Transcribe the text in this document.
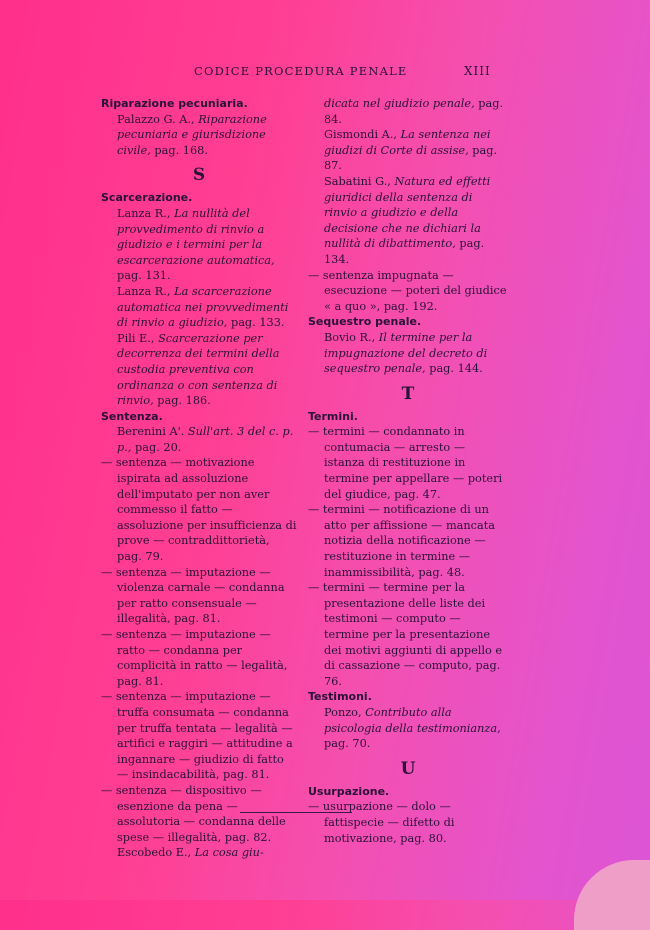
CODICE PROCEDURA PENALE	XIII
Riparazione pecuniaria.
Palazzo G. A., Riparazione pecuniaria e giurisdizione civile, pag. 168.
S
Scarcerazione.
Lanza R., La nullità del provvedimento di rinvio a giudizio e i termini per la escarcerazione automatica, pag. 131.
Lanza R., La scarcerazione automatica nei provvedimenti di rinvio a giudizio, pag. 133.
Pili E., Scarcerazione per decorrenza dei termini della custodia preventiva con ordinanza o con sentenza di rinvio, pag. 186.
Sentenza.
Berenini A'. Sull'art. 3 del c. p. p., pag. 20.
— sentenza — motivazione ispirata ad assoluzione dell'imputato per non aver commesso il fatto — assoluzione per insufficienza di prove — contraddittorietà, pag. 79.
— sentenza — imputazione — violenza carnale — condanna per ratto consensuale — illegalità, pag. 81.
— sentenza — imputazione — ratto — condanna per complicità in ratto — legalità, pag. 81.
— sentenza — imputazione — truffa consumata — condanna per truffa tentata — legalità — artifici e raggiri — attitudine a ingannare — giudizio di fatto — insindacabilità, pag. 81.
— sentenza — dispositivo — esenzione da pena — assolutoria — condanna delle spese — illegalità, pag. 82.
Escobedo E., La cosa giu-
dicata nel giudizio penale, pag. 84.
Gismondi A., La sentenza nei giudizi di Corte di assise, pag. 87.
Sabatini G., Natura ed effetti giuridici della sentenza di rinvio a giudizio e della decisione che ne dichiari la nullità di dibattimento, pag. 134.
— sentenza impugnata — esecuzione — poteri del giudice « a quo », pag. 192.
Sequestro penale.
Bovio R., Il termine per la impugnazione del decreto di sequestro penale, pag. 144.
T
Termini.
— termini — condannato in contumacia — arresto — istanza di restituzione in termine per appellare — poteri del giudice, pag. 47.
— termini — notificazione di un atto per affissione — mancata notizia della notificazione — restituzione in termine — inammissibilità, pag. 48.
— termini — termine per la presentazione delle liste dei testimoni — computo — termine per la presentazione dei motivi aggiunti di appello e di cassazione — computo, pag. 76.
Testimoni.
Ponzo, Contributo alla psicologia della testimonianza, pag. 70.
U
Usurpazione.
— usurpazione — dolo — fattispecie — difetto di motivazione, pag. 80.
